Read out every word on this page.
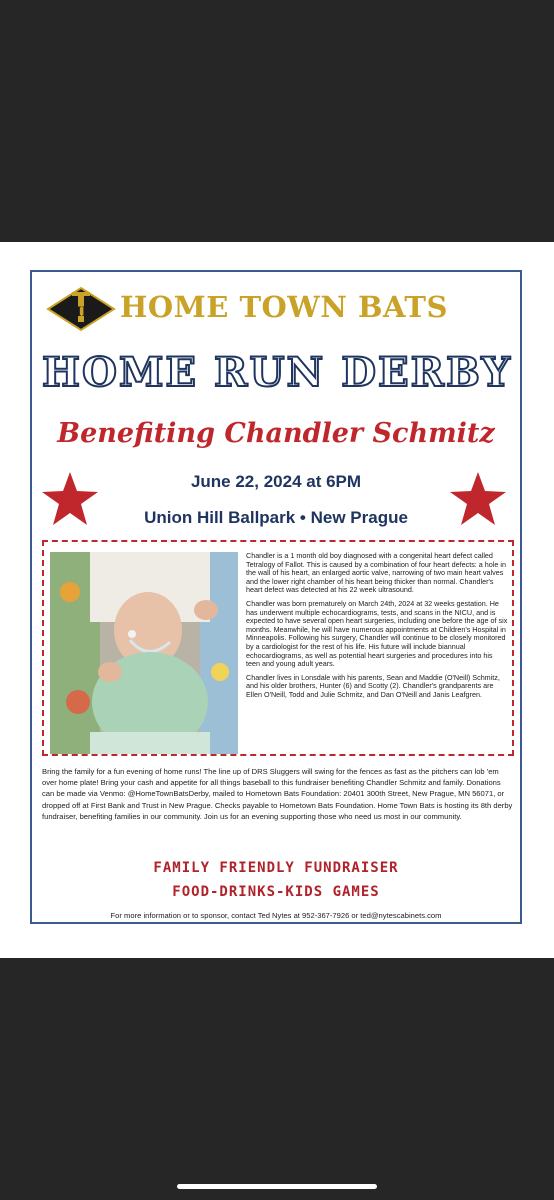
HB HOME TOWN BATS
HOME RUN DERBY
Benefiting Chandler Schmitz
June 22, 2024 at 6PM
Union Hill Ballpark • New Prague

Chandler is a 1 month old boy diagnosed with a congenital heart defect called Tetralogy of Fallot. This is caused by a combination of four heart defects: a hole in the wall of his heart, an enlarged aortic valve, narrowing of two main heart valves and the lower right chamber of his heart being thicker than normal. Chandler's heart defect was detected at his 22 week ultrasound.

Chandler was born prematurely on March 24th, 2024 at 32 weeks gestation. He has underwent multiple echocardiograms, tests, and scans in the NICU, and is expected to have several open heart surgeries, including one before the age of six months. Meanwhile, he will have numerous appointments at Children's Hospital in Minneapolis. Following his surgery, Chandler will continue to be closely monitored by a cardiologist for the rest of his life. His future will include biannual echocardiograms, as well as potential heart surgeries and procedures into his teen and young adult years.

Chandler lives in Lonsdale with his parents, Sean and Maddie (O'Neill) Schmitz, and his older brothers, Hunter (6) and Scotty (2). Chandler's grandparents are Ellen O'Neill, Todd and Julie Schmitz, and Dan O'Neill and Janis Leafgren.

Bring the family for a fun evening of home runs! The line up of DRS Sluggers will swing for the fences as fast as the pitchers can lob 'em over home plate! Bring your cash and appetite for all things baseball to this fundraiser benefiting Chandler Schmitz and family. Donations can be made via Venmo: @HomeTownBatsDerby, mailed to Hometown Bats Foundation: 20401 300th Street, New Prague, MN 56071, or dropped off at First Bank and Trust in New Prague. Checks payable to Hometown Bats Foundation. Home Town Bats is hosting its 8th derby fundraiser, benefiting families in our community. Join us for an evening supporting those who need us most in our community.
FAMILY FRIENDLY FUNDRAISER
FOOD-DRINKS-KIDS GAMES
For more information or to sponsor, contact Ted Nytes at 952-367-7926 or ted@nytescabinets.com
